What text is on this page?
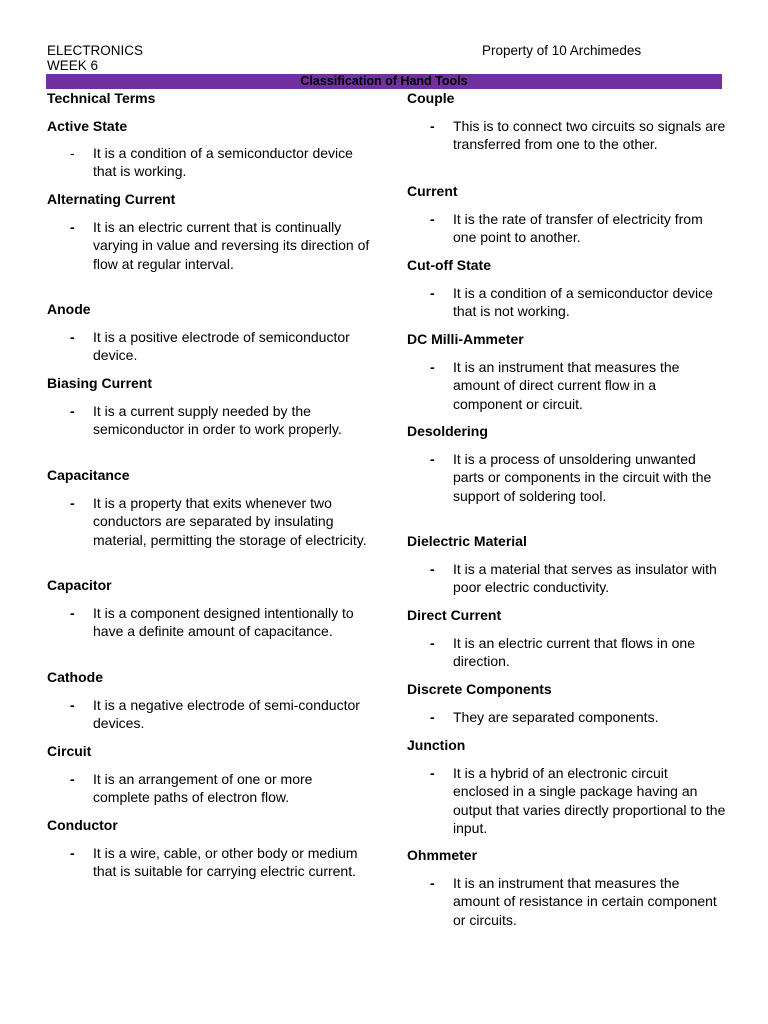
ELECTRONICS
WEEK 6
Property of 10 Archimedes
Classification of Hand Tools
Technical Terms
Active State
- It is a condition of a semiconductor device that is working.
Alternating Current
- It is an electric current that is continually varying in value and reversing its direction of flow at regular interval.
Anode
- It is a positive electrode of semiconductor device.
Biasing Current
- It is a current supply needed by the semiconductor in order to work properly.
Capacitance
- It is a property that exits whenever two conductors are separated by insulating material, permitting the storage of electricity.
Capacitor
- It is a component designed intentionally to have a definite amount of capacitance.
Cathode
- It is a negative electrode of semi-conductor devices.
Circuit
- It is an arrangement of one or more complete paths of electron flow.
Conductor
- It is a wire, cable, or other body or medium that is suitable for carrying electric current.
Couple
- This is to connect two circuits so signals are transferred from one to the other.
Current
- It is the rate of transfer of electricity from one point to another.
Cut-off State
- It is a condition of a semiconductor device that is not working.
DC Milli-Ammeter
- It is an instrument that measures the amount of direct current flow in a component or circuit.
Desoldering
- It is a process of unsoldering unwanted parts or components in the circuit with the support of soldering tool.
Dielectric Material
- It is a material that serves as insulator with poor electric conductivity.
Direct Current
- It is an electric current that flows in one direction.
Discrete Components
- They are separated components.
Junction
- It is a hybrid of an electronic circuit enclosed in a single package having an output that varies directly proportional to the input.
Ohmmeter
- It is an instrument that measures the amount of resistance in certain component or circuits.
